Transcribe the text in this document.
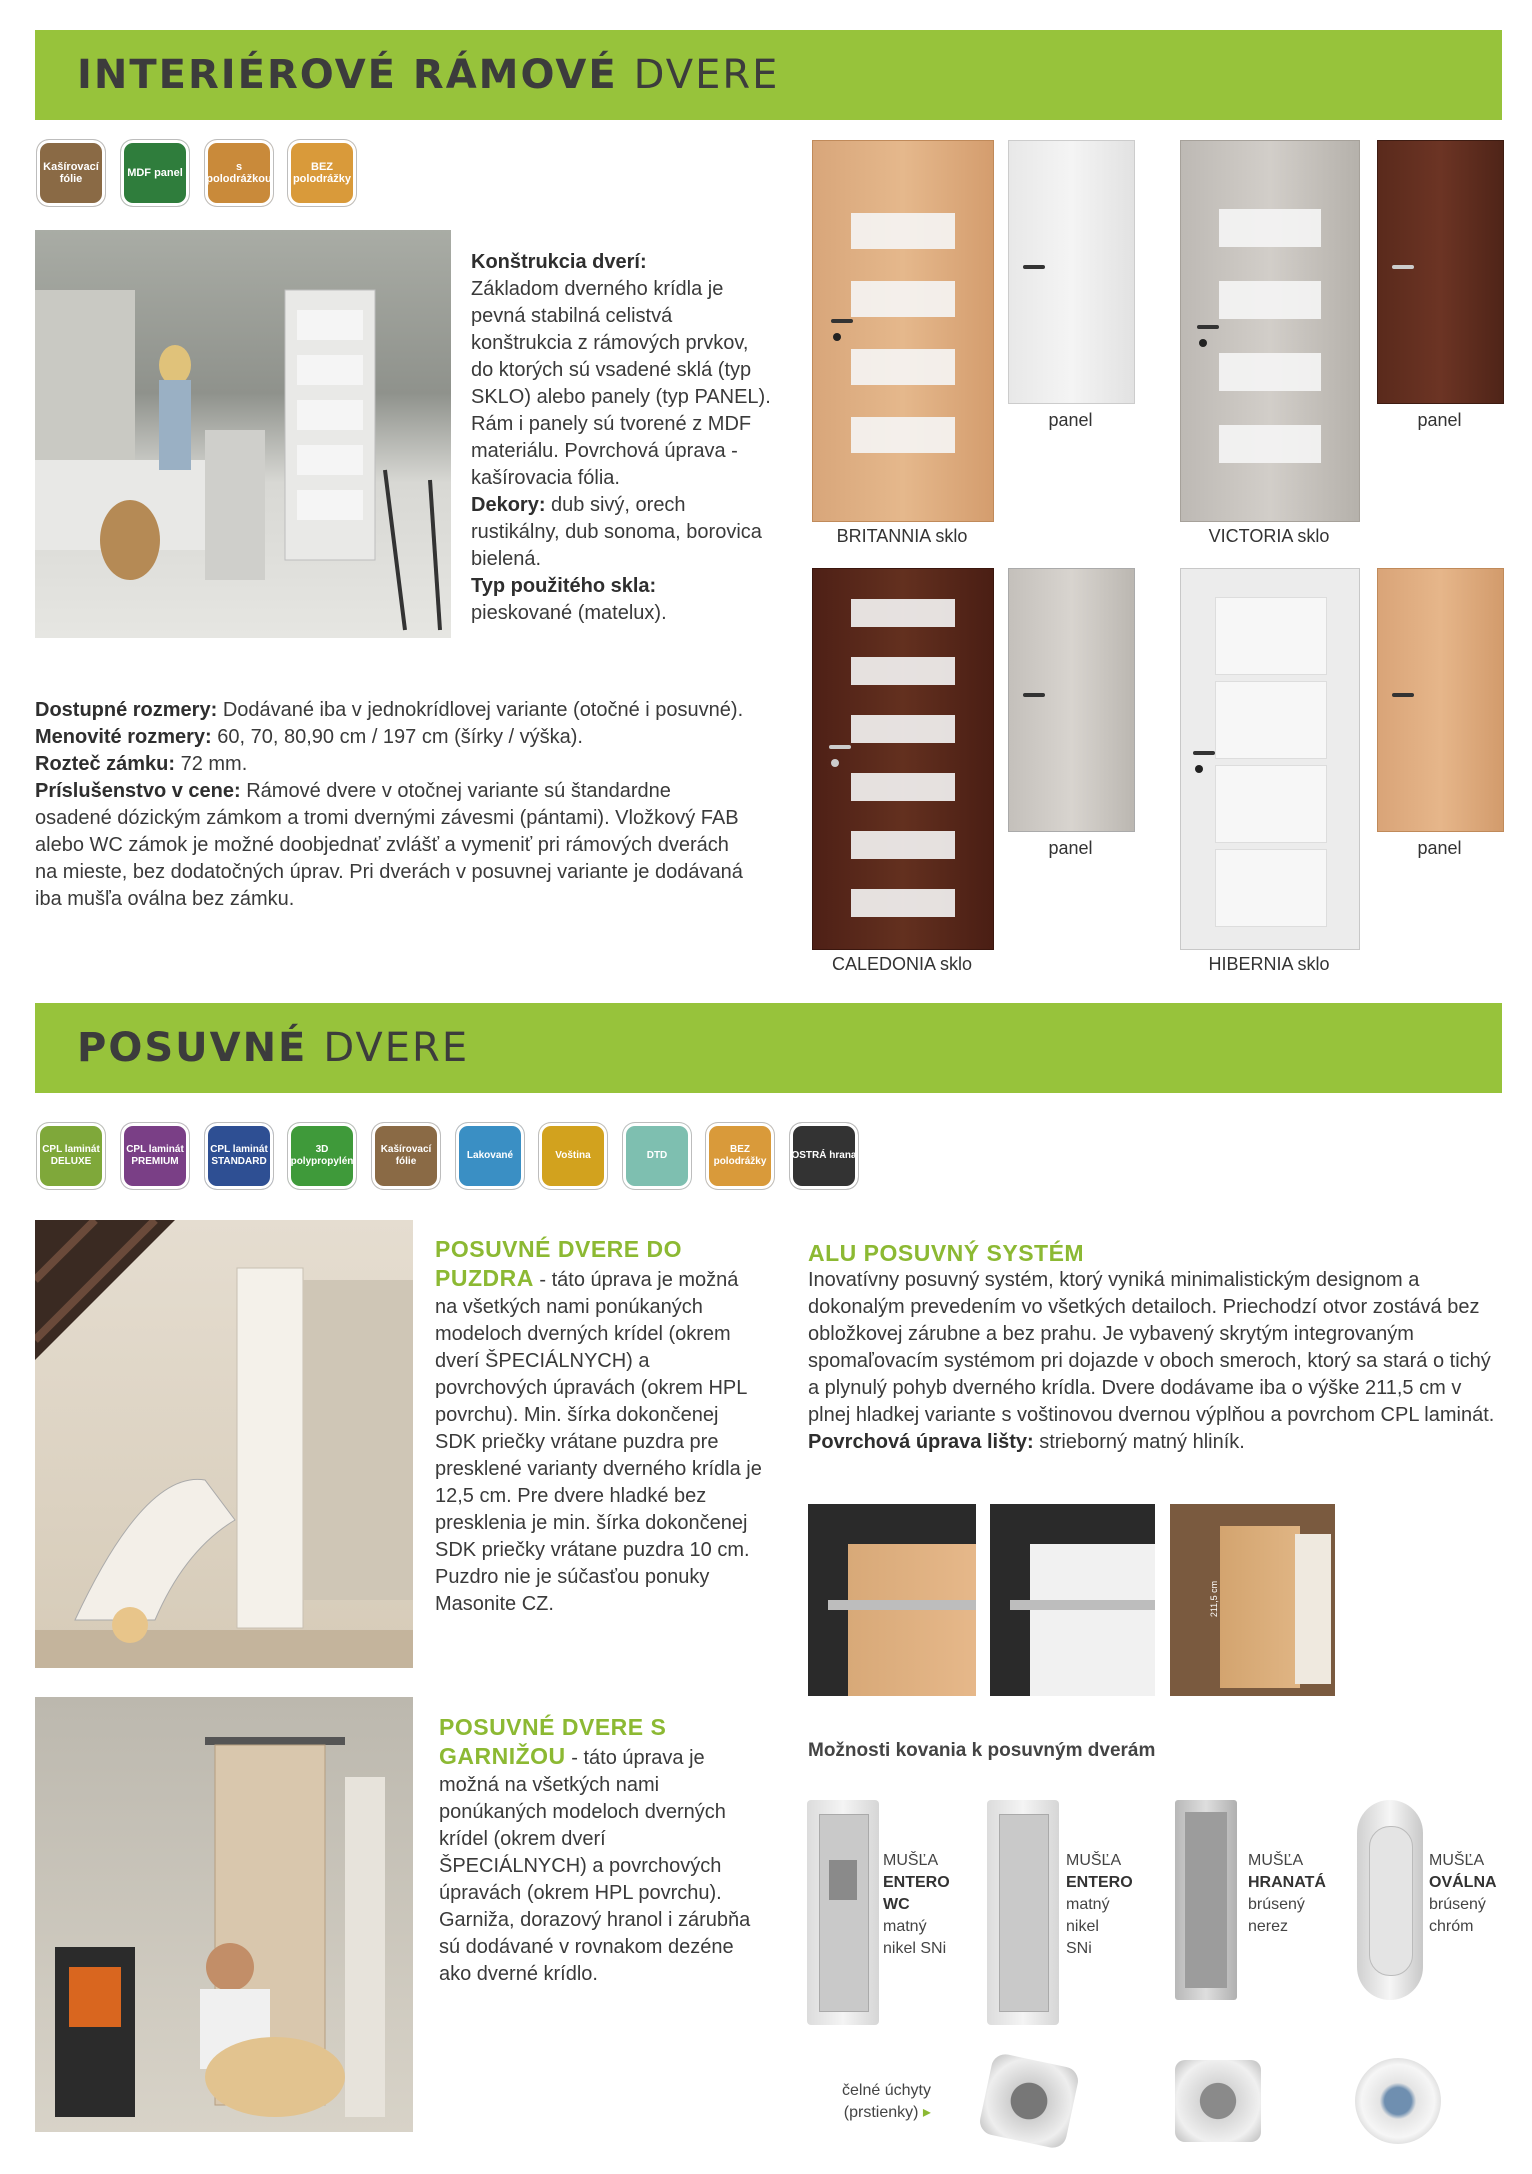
INTERIÉROVÉ RÁMOVÉ DVERE
Kašírovací fólie	MDF panel	s polodrážkou
BEZ polodrážky
Konštrukcia dverí:
Základom dverného krídla je pevná stabilná celistvá konštrukcia z rámových prvkov, do ktorých sú vsadené sklá (typ SKLO) alebo panely (typ PANEL). Rám i panely sú tvorené z MDF materiálu. Povrchová úprava - kašírovacia fólia.
Dekory: dub sivý, orech rustikálny, dub sonoma, borovica bielená.
Typ použitého skla:
pieskované (matelux).
Dostupné rozmery: Dodávané iba v jednokrídlovej variante (otočné i posuvné).
Menovité rozmery: 60, 70, 80,90 cm / 197 cm (šírky / výška).
Rozteč zámku: 72 mm.
Príslušenstvo v cene: Rámové dvere v otočnej variante sú štandardne osadené dózickým zámkom a tromi dvernými závesmi (pántami). Vložkový FAB alebo WC zámok je možné doobjednať zvlášť a vymeniť pri rámových dverách na mieste, bez dodatočných úprav. Pri dverách v posuvnej variante je dodávaná iba mušľa oválna bez zámku.
panel
BRITANNIA sklo
panel
VICTORIA sklo
panel
CALEDONIA sklo
panel
HIBERNIA sklo
POSUVNÉ DVERE
CPL laminát DELUXE
CPL laminát PREMIUM
CPL laminát STANDARD
3D polypropylén
Kašírovací fólie
Lakované	Voština	DTD
BEZ polodrážky
OSTRÁ hrana
POSUVNÉ DVERE DO PUZDRA - táto úprava je možná na všetkých nami ponúkaných modeloch dverných krídel (okrem dverí ŠPECIÁLNYCH) a povrchových úpravách (okrem HPL povrchu). Min. šírka dokončenej SDK priečky vrátane puzdra pre presklené varianty dverného krídla je 12,5 cm. Pre dvere hladké bez presklenia je min. šírka dokončenej SDK priečky vrátane puzdra 10 cm. Puzdro nie je súčasťou ponuky Masonite CZ.
POSUVNÉ DVERE S GARNIŽOU - táto úprava je možná na všetkých nami ponúkaných modeloch dverných krídel (okrem dverí ŠPECIÁLNYCH) a povrchových úpravách (okrem HPL povrchu). Garniža, dorazový hranol i zárubňa sú dodávané v rovnakom dezéne ako dverné krídlo.
ALU POSUVNÝ SYSTÉM
Inovatívny posuvný systém, ktorý vyniká minimalistickým designom a dokonalým prevedením vo všetkých detailoch. Priechodzí otvor zostává bez obložkovej zárubne a bez prahu. Je vybavený skrytým integrovaným spomaľovacím systémom pri dojazde v oboch smeroch, ktorý sa stará o tichý a plynulý pohyb dverného krídla. Dvere dodávame iba o výške 211,5 cm v plnej hladkej variante s voštinovou dvernou výplňou a povrchom CPL laminát.
Povrchová úprava lišty: strieborný matný hliník.
211,5 cm
Možnosti kovania k posuvným dverám
MUŠĽA
ENTERO
WC
matný
nikel SNi
MUŠĽA
ENTERO
matný
nikel
SNi
MUŠĽA
HRANATÁ
brúsený
nerez
MUŠĽA
OVÁLNA
brúsený
chróm
čelné úchyty
(prstienky) ▸
